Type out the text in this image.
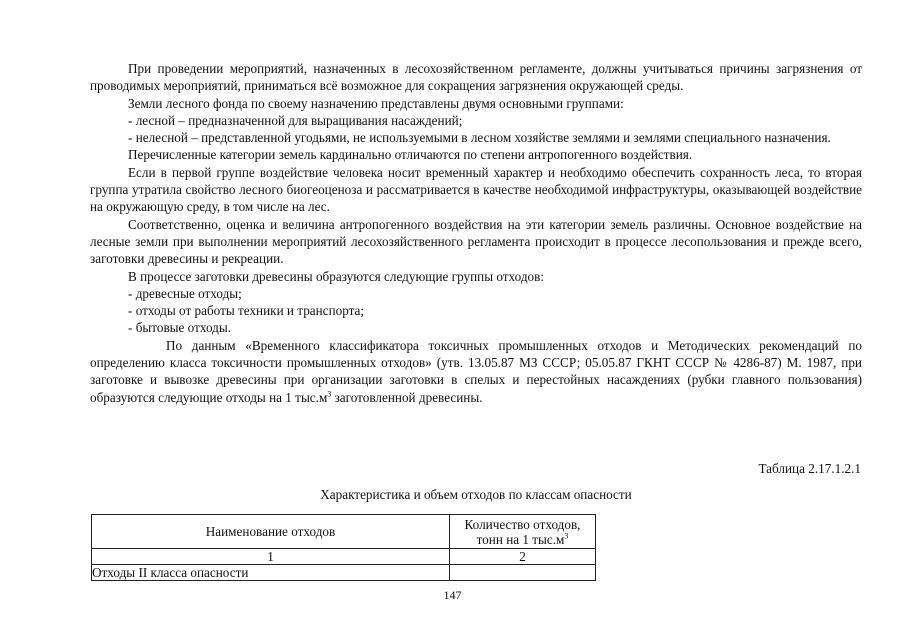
При проведении мероприятий, назначенных в лесохозяйственном регламенте, должны учитываться причины загрязнения от проводимых мероприятий, приниматься всё возможное для сокращения загрязнения окружающей среды.

Земли лесного фонда по своему назначению представлены двумя основными группами:

- лесной – предназначенной для выращивания насаждений;

- нелесной – представленной угодьями, не используемыми в лесном хозяйстве землями и землями специального назначения.

Перечисленные категории земель кардинально отличаются по степени антропогенного воздействия.

Если в первой группе воздействие человека носит временный характер и необходимо обеспечить сохранность леса, то вторая группа утратила свойство лесного биогеоценоза и рассматривается в качестве необходимой инфраструктуры, оказывающей воздействие на окружающую среду, в том числе на лес.

Соответственно, оценка и величина антропогенного воздействия на эти категории земель различны. Основное воздействие на лесные земли при выполнении мероприятий лесохозяйственного регламента происходит в процессе лесопользования и прежде всего, заготовки древесины и рекреации.

В процессе заготовки древесины образуются следующие группы отходов:

- древесные отходы;

- отходы от работы техники и транспорта;

- бытовые отходы.

По данным «Временного классификатора токсичных промышленных отходов и Методических рекомендаций по определению класса токсичности промышленных отходов» (утв. 13.05.87 МЗ СССР; 05.05.87 ГКНТ СССР № 4286-87) М. 1987, при заготовке и вывозке древесины при организации заготовки в спелых и перестойных насаждениях (рубки главного пользования) образуются следующие отходы на 1 $тыс.м^3$ заготовленной древесины.

Таблица 2.17.1.2.1
Характеристика и объем отходов по классам опасности
Наименование отходов	Количество отходов,
тонн на 1 $тыс.м^3$
1	2
Отходы II класса опасности	
147
